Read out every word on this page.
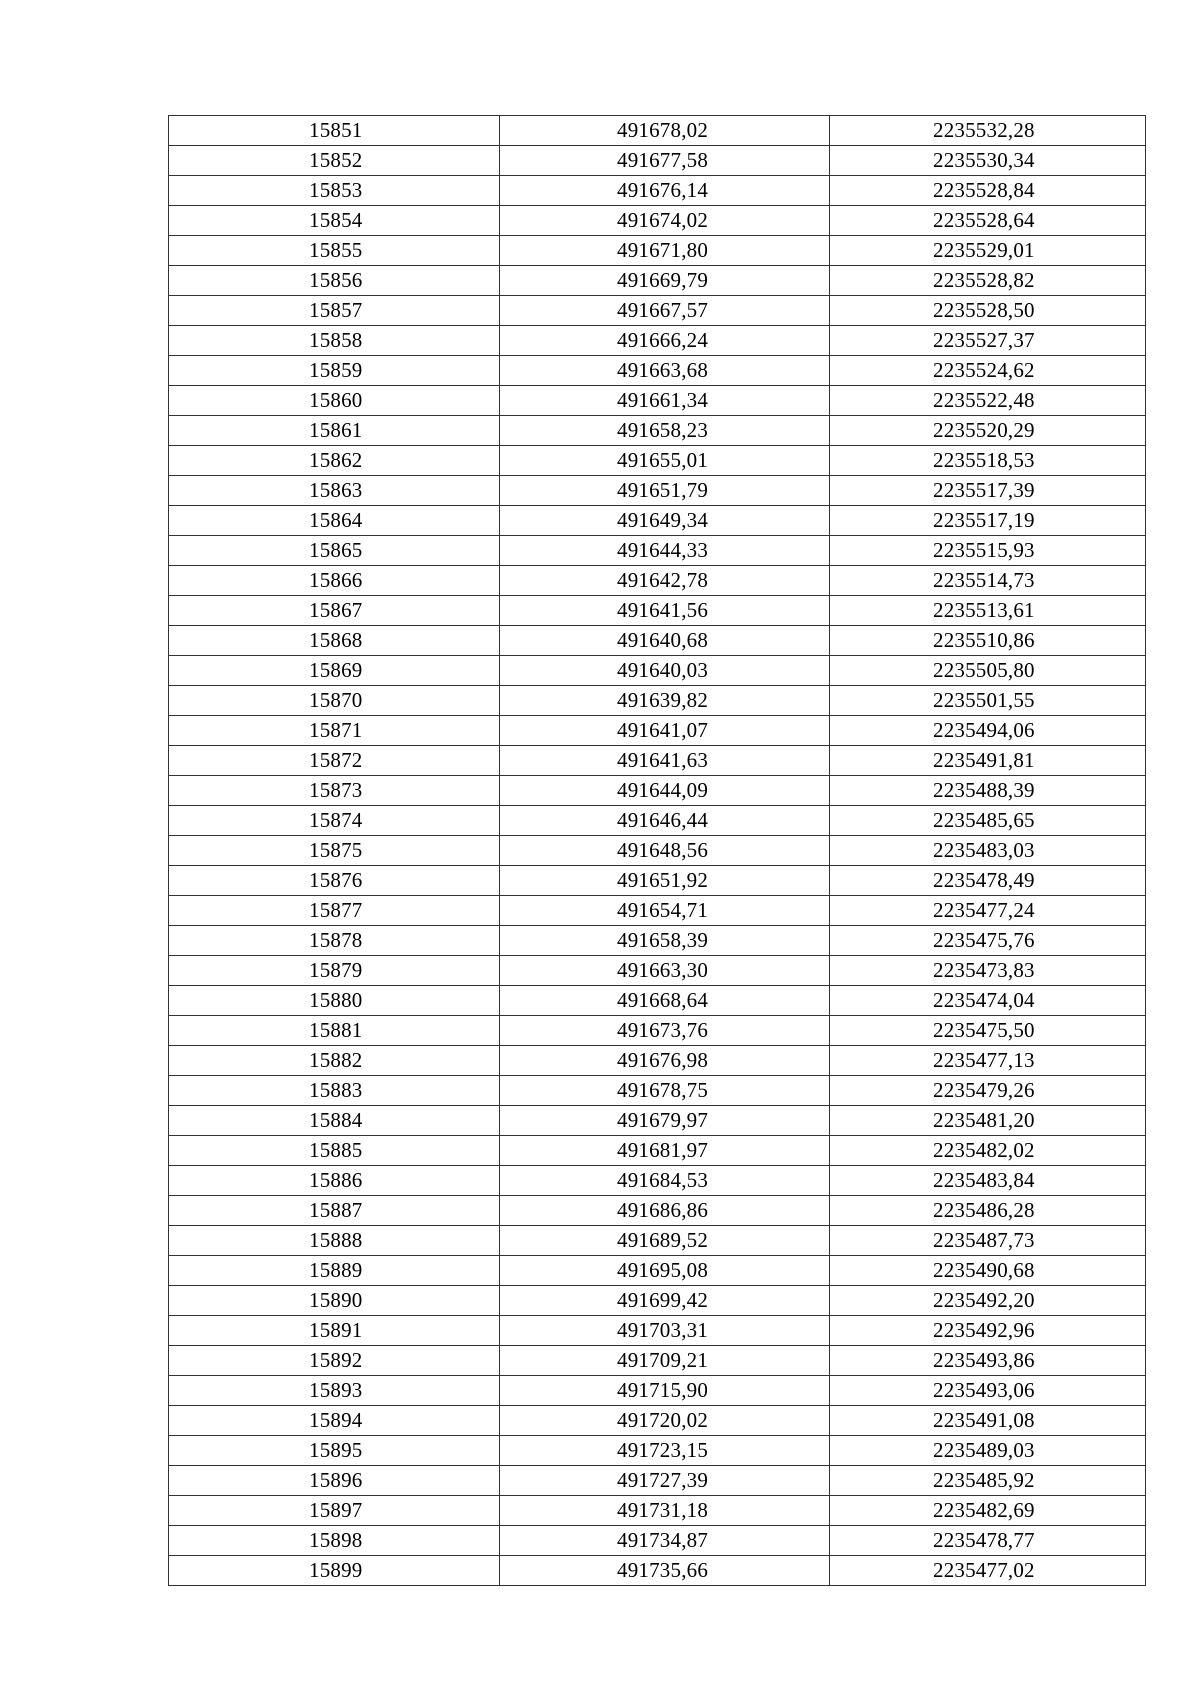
15851	491678,02	2235532,28
15852	491677,58	2235530,34
15853	491676,14	2235528,84
15854	491674,02	2235528,64
15855	491671,80	2235529,01
15856	491669,79	2235528,82
15857	491667,57	2235528,50
15858	491666,24	2235527,37
15859	491663,68	2235524,62
15860	491661,34	2235522,48
15861	491658,23	2235520,29
15862	491655,01	2235518,53
15863	491651,79	2235517,39
15864	491649,34	2235517,19
15865	491644,33	2235515,93
15866	491642,78	2235514,73
15867	491641,56	2235513,61
15868	491640,68	2235510,86
15869	491640,03	2235505,80
15870	491639,82	2235501,55
15871	491641,07	2235494,06
15872	491641,63	2235491,81
15873	491644,09	2235488,39
15874	491646,44	2235485,65
15875	491648,56	2235483,03
15876	491651,92	2235478,49
15877	491654,71	2235477,24
15878	491658,39	2235475,76
15879	491663,30	2235473,83
15880	491668,64	2235474,04
15881	491673,76	2235475,50
15882	491676,98	2235477,13
15883	491678,75	2235479,26
15884	491679,97	2235481,20
15885	491681,97	2235482,02
15886	491684,53	2235483,84
15887	491686,86	2235486,28
15888	491689,52	2235487,73
15889	491695,08	2235490,68
15890	491699,42	2235492,20
15891	491703,31	2235492,96
15892	491709,21	2235493,86
15893	491715,90	2235493,06
15894	491720,02	2235491,08
15895	491723,15	2235489,03
15896	491727,39	2235485,92
15897	491731,18	2235482,69
15898	491734,87	2235478,77
15899	491735,66	2235477,02
